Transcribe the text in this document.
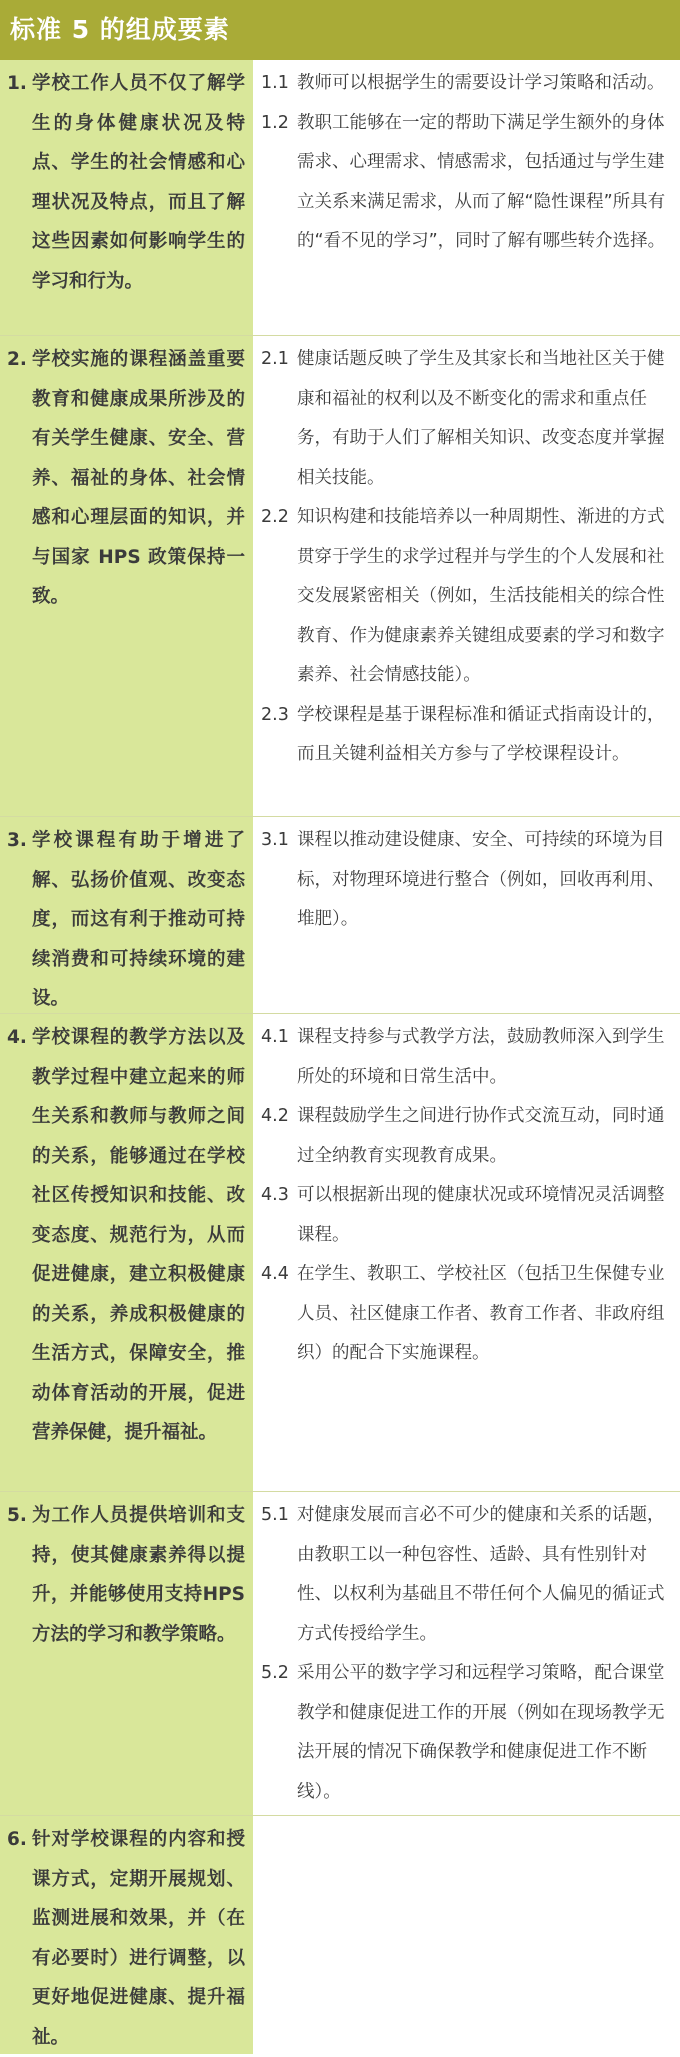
标准 5 的组成要素
1. 学校工作人员不仅了解学生的身体健康状况及特点、学生的社会情感和心理状况及特点，而且了解这些因素如何影响学生的学习和行为。
1.1 教师可以根据学生的需要设计学习策略和活动。
1.2 教职工能够在一定的帮助下满足学生额外的身体需求、心理需求、情感需求，包括通过与学生建立关系来满足需求，从而了解“隐性课程”所具有的“看不见的学习”，同时了解有哪些转介选择。
2. 学校实施的课程涵盖重要教育和健康成果所涉及的有关学生健康、安全、营养、福祉的身体、社会情感和心理层面的知识，并与国家 HPS 政策保持一致。
2.1 健康话题反映了学生及其家长和当地社区关于健康和福祉的权利以及不断变化的需求和重点任务，有助于人们了解相关知识、改变态度并掌握相关技能。
2.2 知识构建和技能培养以一种周期性、渐进的方式贯穿于学生的求学过程并与学生的个人发展和社交发展紧密相关（例如，生活技能相关的综合性教育、作为健康素养关键组成要素的学习和数字素养、社会情感技能）。
2.3 学校课程是基于课程标准和循证式指南设计的，而且关键利益相关方参与了学校课程设计。
3. 学校课程有助于增进了解、弘扬价值观、改变态度，而这有利于推动可持续消费和可持续环境的建设。
3.1 课程以推动建设健康、安全、可持续的环境为目标，对物理环境进行整合（例如，回收再利用、堆肥）。
4. 学校课程的教学方法以及教学过程中建立起来的师生关系和教师与教师之间的关系，能够通过在学校社区传授知识和技能、改变态度、规范行为，从而促进健康，建立积极健康的关系，养成积极健康的生活方式，保障安全，推动体育活动的开展，促进营养保健，提升福祉。
4.1 课程支持参与式教学方法，鼓励教师深入到学生所处的环境和日常生活中。
4.2 课程鼓励学生之间进行协作式交流互动，同时通过全纳教育实现教育成果。
4.3 可以根据新出现的健康状况或环境情况灵活调整课程。
4.4 在学生、教职工、学校社区（包括卫生保健专业人员、社区健康工作者、教育工作者、非政府组织）的配合下实施课程。
5. 为工作人员提供培训和支持，使其健康素养得以提升，并能够使用支持HPS方法的学习和教学策略。
5.1 对健康发展而言必不可少的健康和关系的话题，由教职工以一种包容性、适龄、具有性别针对性、以权利为基础且不带任何个人偏见的循证式方式传授给学生。
5.2 采用公平的数字学习和远程学习策略，配合课堂教学和健康促进工作的开展（例如在现场教学无法开展的情况下确保教学和健康促进工作不断线）。
6. 针对学校课程的内容和授课方式，定期开展规划、监测进展和效果，并（在有必要时）进行调整，以更好地促进健康、提升福祉。
